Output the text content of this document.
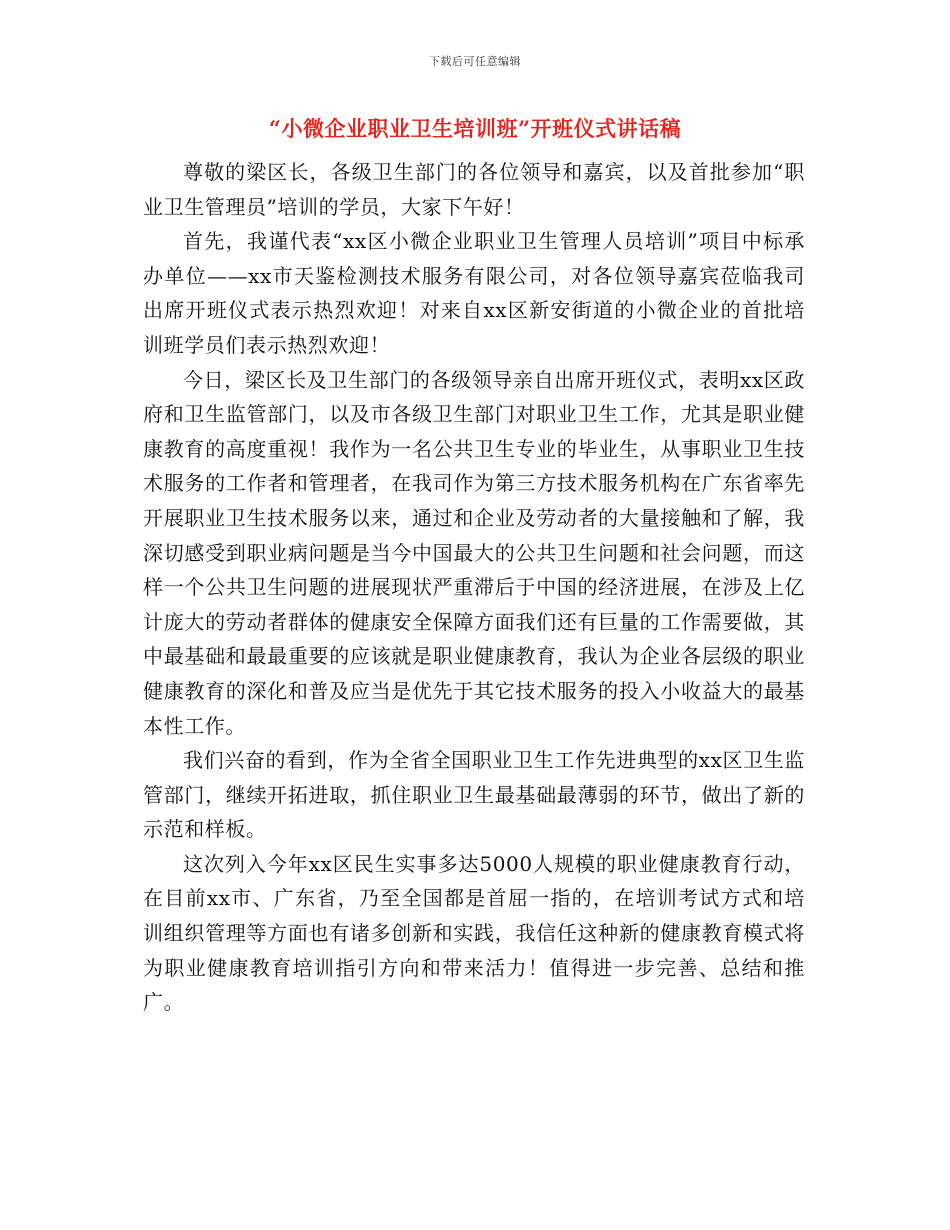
下载后可任意编辑
“小微企业职业卫生培训班”开班仪式讲话稿

尊敬的梁区长，各级卫生部门的各位领导和嘉宾，以及首批参加“职业卫生管理员”培训的学员，大家下午好！

首先，我谨代表“xx区小微企业职业卫生管理人员培训”项目中标承办单位——xx市天鉴检测技术服务有限公司，对各位领导嘉宾莅临我司出席开班仪式表示热烈欢迎！对来自xx区新安街道的小微企业的首批培训班学员们表示热烈欢迎！

今日，梁区长及卫生部门的各级领导亲自出席开班仪式，表明xx区政府和卫生监管部门，以及市各级卫生部门对职业卫生工作，尤其是职业健康教育的高度重视！我作为一名公共卫生专业的毕业生，从事职业卫生技术服务的工作者和管理者，在我司作为第三方技术服务机构在广东省率先开展职业卫生技术服务以来，通过和企业及劳动者的大量接触和了解，我深切感受到职业病问题是当今中国最大的公共卫生问题和社会问题，而这样一个公共卫生问题的进展现状严重滞后于中国的经济进展，在涉及上亿计庞大的劳动者群体的健康安全保障方面我们还有巨量的工作需要做，其中最基础和最最重要的应该就是职业健康教育，我认为企业各层级的职业健康教育的深化和普及应当是优先于其它技术服务的投入小收益大的最基本性工作。

我们兴奋的看到，作为全省全国职业卫生工作先进典型的xx区卫生监管部门，继续开拓进取，抓住职业卫生最基础最薄弱的环节，做出了新的示范和样板。

这次列入今年xx区民生实事多达5000人规模的职业健康教育行动，在目前xx市、广东省，乃至全国都是首屈一指的，在培训考试方式和培训组织管理等方面也有诸多创新和实践，我信任这种新的健康教育模式将为职业健康教育培训指引方向和带来活力！值得进一步完善、总结和推广。
